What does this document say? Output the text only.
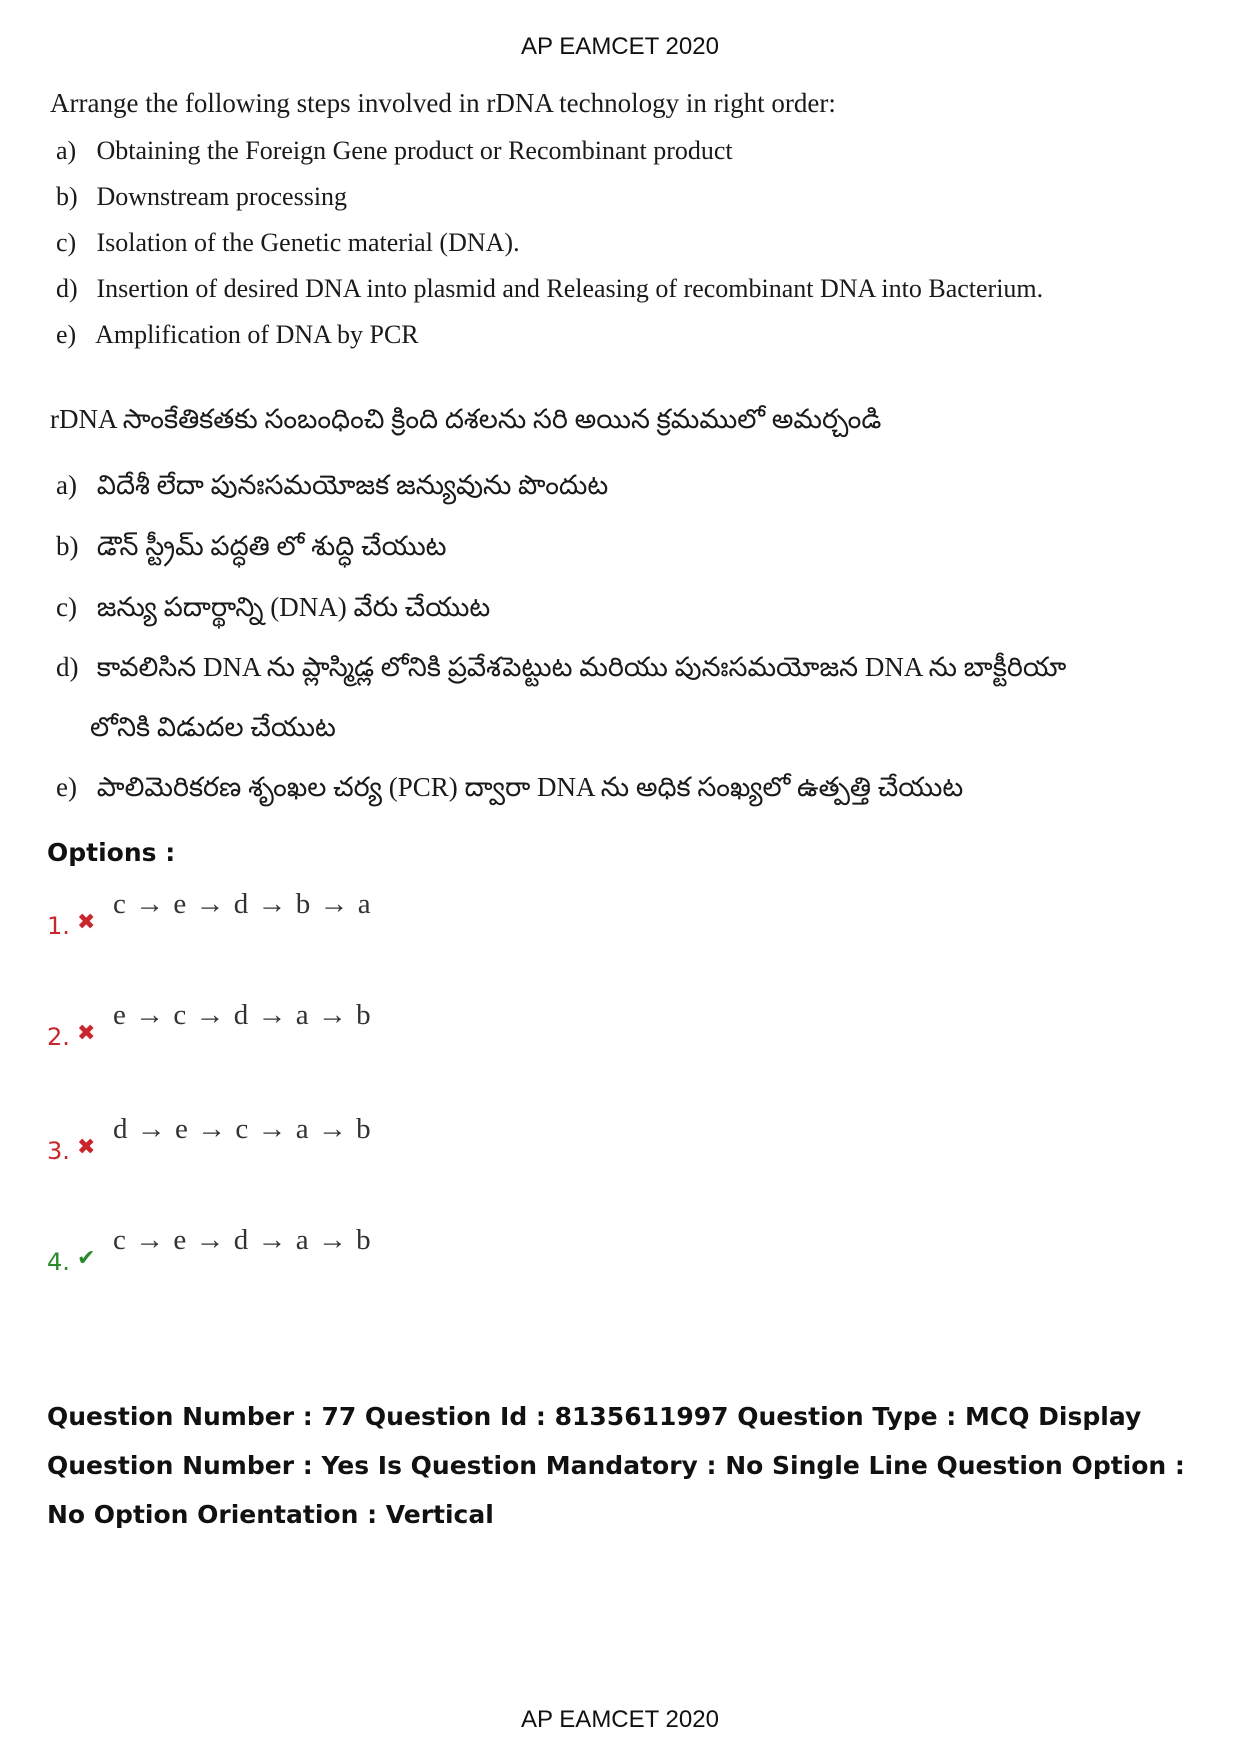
AP EAMCET 2020
Arrange the following steps involved in rDNA technology in right order:
a) Obtaining the Foreign Gene product or Recombinant product
b) Downstream processing
c) Isolation of the Genetic material (DNA).
d) Insertion of desired DNA into plasmid and Releasing of recombinant DNA into Bacterium.
e) Amplification of DNA by PCR
rDNA సాంకేతికతకు సంబంధించి క్రింది దశలను సరి అయిన క్రమములో అమర్చండి
a) విదేశీ లేదా పునఃసమయోజక జన్యువును పొందుట
b) డౌన్ స్ట్రీమ్ పద్ధతి లో శుద్ధి చేయుట
c) జన్యు పదార్థాన్ని (DNA) వేరు చేయుట
d) కావలిసిన DNA ను ప్లాస్మిడ్ల లోనికి ప్రవేశపెట్టుట మరియు పునఃసమయోజన DNA ను బాక్టీరియా
లోనికి విడుదల చేయుట
e) పాలిమెరికరణ శృంఖల చర్య (PCR) ద్వారా DNA ను అధిక సంఖ్యలో ఉత్పత్తి చేయుట
Options :
1. ✖
c → e → d → b → a
2. ✖
e → c → d → a → b
3. ✖
d → e → c → a → b
4. ✔
c → e → d → a → b
Question Number : 77 Question Id : 8135611997 Question Type : MCQ Display Question Number : Yes Is Question Mandatory : No Single Line Question Option : No Option Orientation : Vertical
AP EAMCET 2020
